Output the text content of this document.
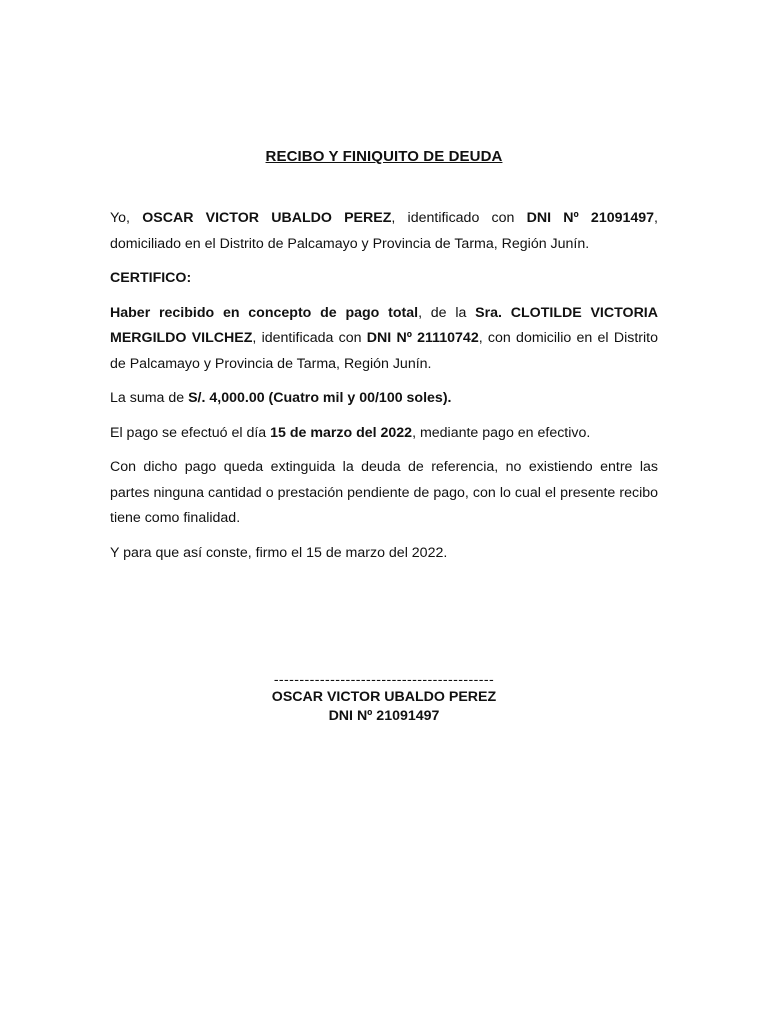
RECIBO Y FINIQUITO DE DEUDA

Yo, OSCAR VICTOR UBALDO PEREZ, identificado con DNI Nº 21091497, domiciliado en el Distrito de Palcamayo y Provincia de Tarma, Región Junín.

CERTIFICO:

Haber recibido en concepto de pago total, de la Sra. CLOTILDE VICTORIA MERGILDO VILCHEZ, identificada con DNI Nº 21110742, con domicilio en el Distrito de Palcamayo y Provincia de Tarma, Región Junín.

La suma de S/. 4,000.00 (Cuatro mil y 00/100 soles).

El pago se efectuó el día 15 de marzo del 2022, mediante pago en efectivo.

Con dicho pago queda extinguida la deuda de referencia, no existiendo entre las partes ninguna cantidad o prestación pendiente de pago, con lo cual el presente recibo tiene como finalidad.

Y para que así conste, firmo el 15 de marzo del 2022.

-------------------------------------------
OSCAR VICTOR UBALDO PEREZ
DNI Nº 21091497
